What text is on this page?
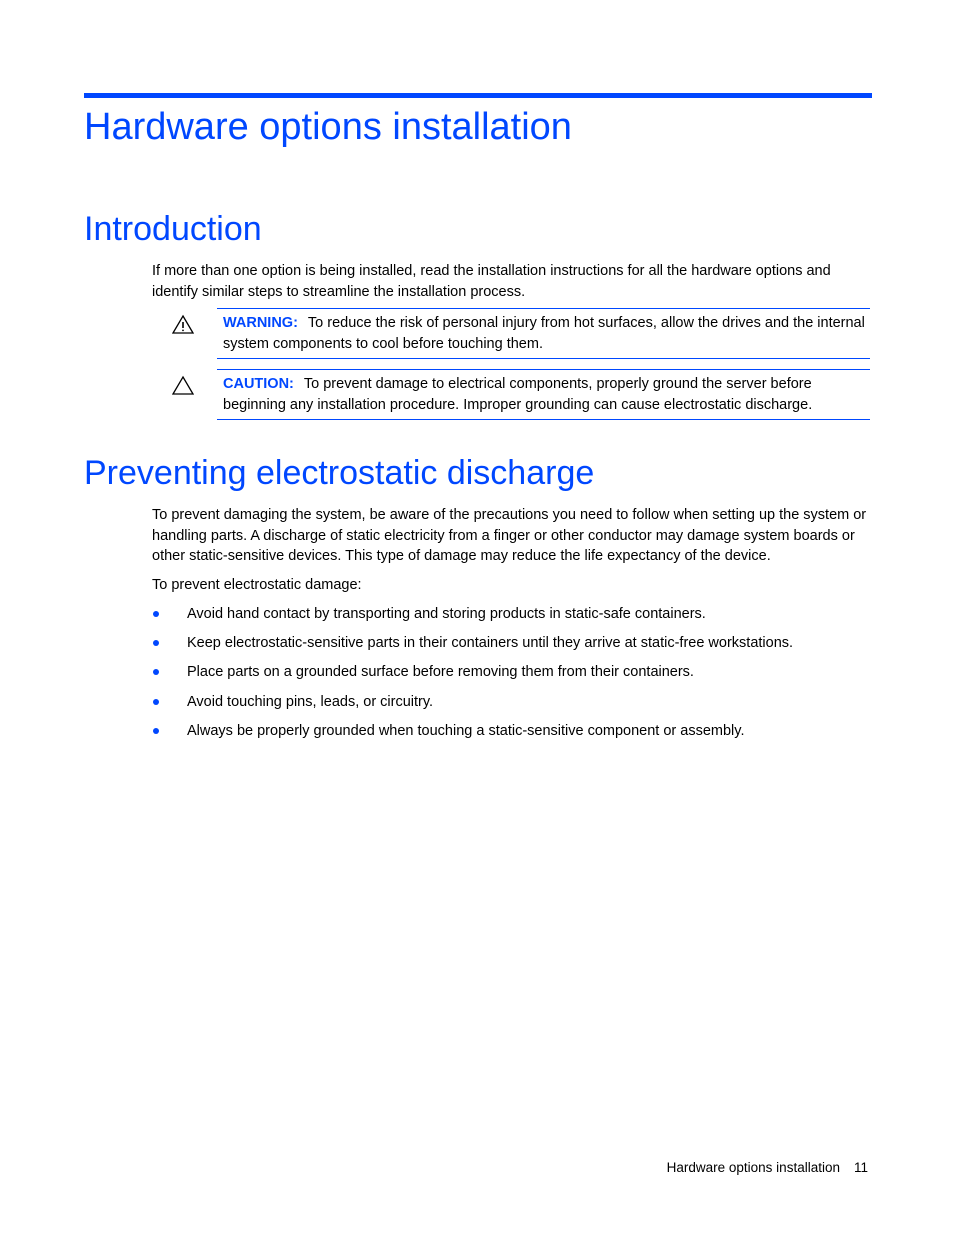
Hardware options installation
Introduction

If more than one option is being installed, read the installation instructions for all the hardware options and identify similar steps to streamline the installation process.

WARNING: To reduce the risk of personal injury from hot surfaces, allow the drives and the internal system components to cool before touching them.
CAUTION: To prevent damage to electrical components, properly ground the server before beginning any installation procedure. Improper grounding can cause electrostatic discharge.
Preventing electrostatic discharge

To prevent damaging the system, be aware of the precautions you need to follow when setting up the system or handling parts. A discharge of static electricity from a finger or other conductor may damage system boards or other static-sensitive devices. This type of damage may reduce the life expectancy of the device.

To prevent electrostatic damage:

Avoid hand contact by transporting and storing products in static-safe containers.
Keep electrostatic-sensitive parts in their containers until they arrive at static-free workstations.
Place parts on a grounded surface before removing them from their containers.
Avoid touching pins, leads, or circuitry.
Always be properly grounded when touching a static-sensitive component or assembly.
Hardware options installation 11
